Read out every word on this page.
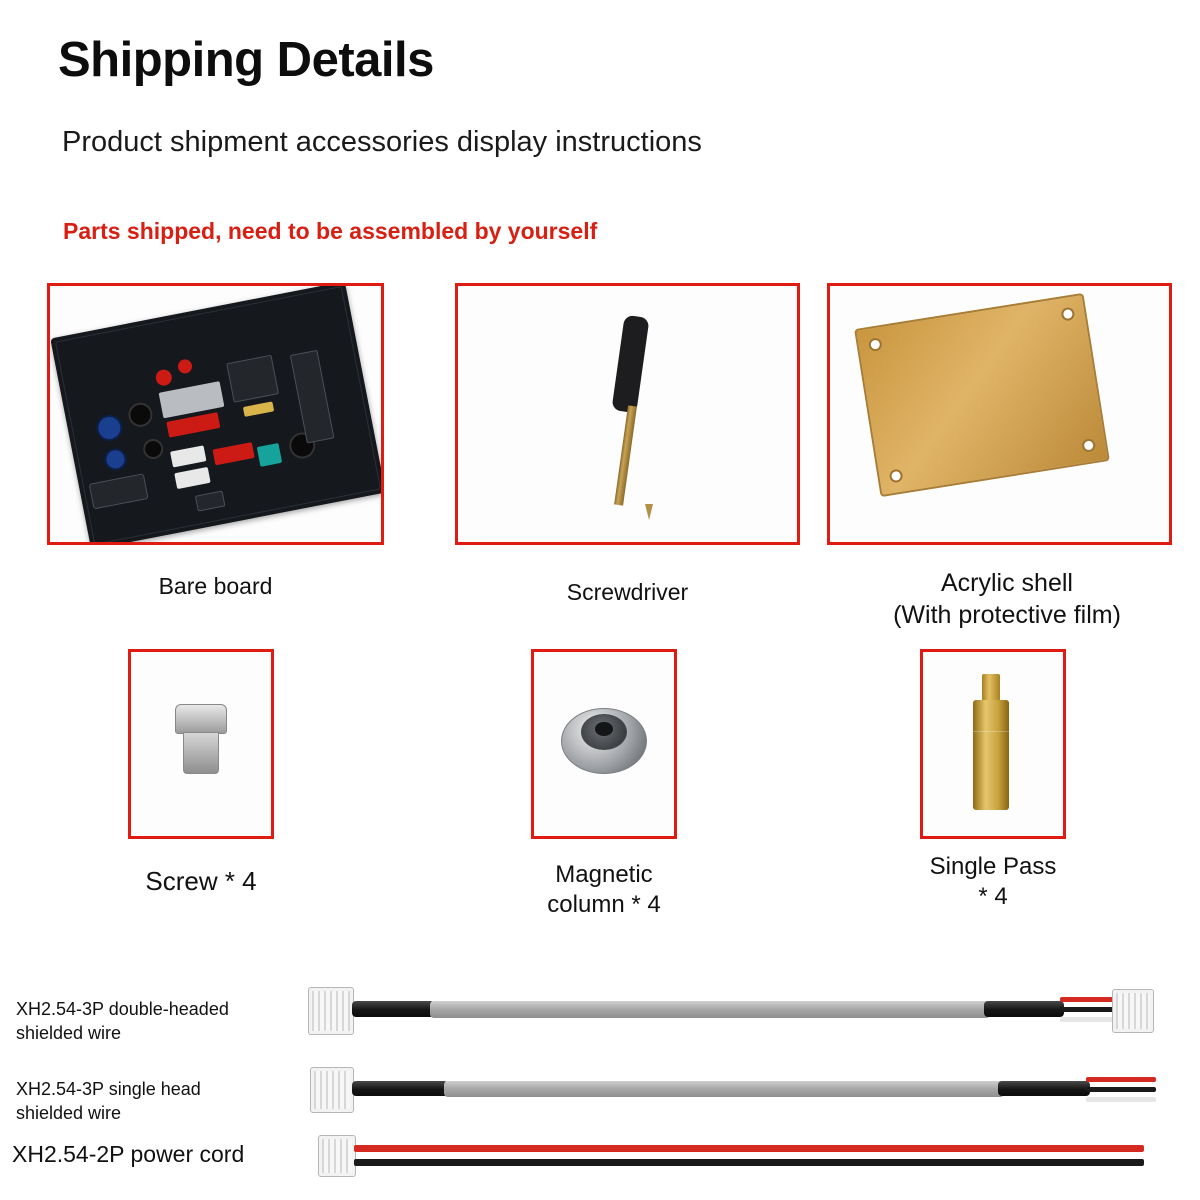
Shipping Details
Product shipment accessories display instructions
Parts shipped, need to be assembled by yourself
Bare board	Screwdriver	Acrylic shell
(With protective film)
Screw * 4	Magnetic
column * 4
Single Pass
* 4
XH2.54-3P double-headed
shielded wire
XH2.54-3P single head
shielded wire
XH2.54-2P power cord
